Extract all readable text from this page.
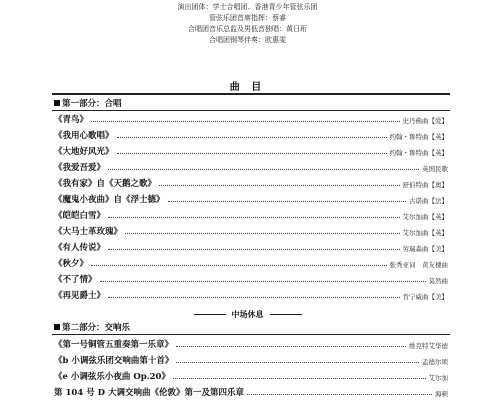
演出团体：学士合唱团、香港青少年管弦乐团
管弦乐团首席指挥：蔡睿
合唱团音乐总监及男低音独唱：黄日珩
合唱团钢琴伴奏：欧惠雯
曲 目
第一部分：合唱
《青鸟》	史丹佛曲【爱】
《我用心歌唱》	约翰・鲁特曲【英】
《大地好风光》	约翰・鲁特曲【英】
《我爱吾爱》	英国民歌
《我有家》自《天鹅之歌》	舒伯特曲【奥】
《魔鬼小夜曲》自《浮士德》	古诺曲【法】
《皑皑白雪》	艾尔加曲【英】
《大马士革玫瑰》	艾尔加曲【英】
《有人传说》	劳瑞森曲【美】
《秋夕》	张秀亚词　黄友棣曲
《不了情》	莫然曲
《再见爵士》	肯宁威曲【美】
中场休息
第二部分：交响乐
《第一号铜管五重奏第一乐章》	维克特艾华德
《b 小调弦乐团交响曲第十首》	孟德尔颂
《e 小调弦乐小夜曲 Op.20》	艾尔加
第 104 号 D 大调交响曲《伦敦》第一及第四乐章	海顿
